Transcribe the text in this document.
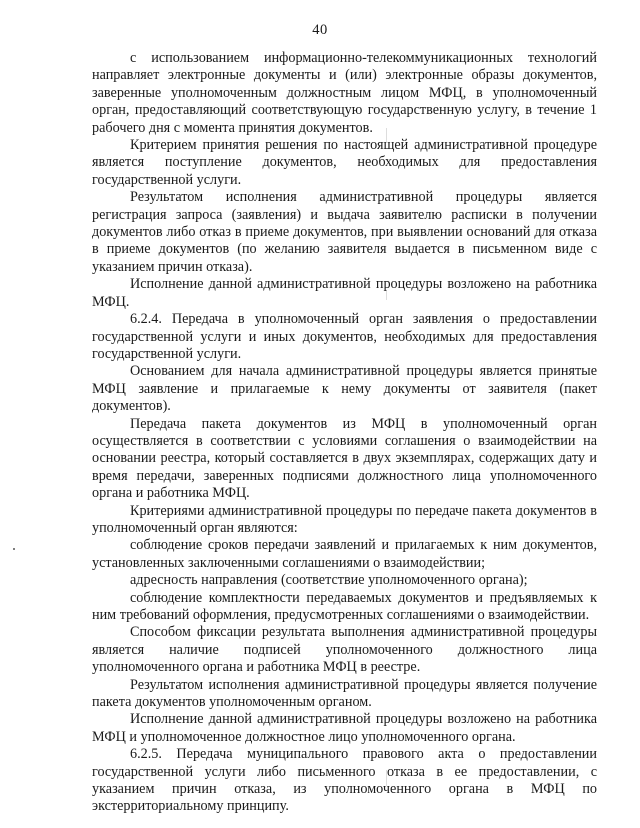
40

с использованием информационно-телекоммуникационных технологий направляет электронные документы и (или) электронные образы документов, заверенные уполномоченным должностным лицом МФЦ, в уполномоченный орган, предоставляющий соответствующую государственную услугу, в течение 1 рабочего дня с момента принятия документов.

Критерием принятия решения по настоящей административной процедуре является поступление документов, необходимых для предоставления государственной услуги.

Результатом исполнения административной процедуры является регистрация запроса (заявления) и выдача заявителю расписки в получении документов либо отказ в приеме документов, при выявлении оснований для отказа в приеме документов (по желанию заявителя выдается в письменном виде с указанием причин отказа).

Исполнение данной административной процедуры возложено на работника МФЦ.

6.2.4. Передача в уполномоченный орган заявления о предоставлении государственной услуги и иных документов, необходимых для предоставления государственной услуги.

Основанием для начала административной процедуры является принятые МФЦ заявление и прилагаемые к нему документы от заявителя (пакет документов).

Передача пакета документов из МФЦ в уполномоченный орган осуществляется в соответствии с условиями соглашения о взаимодействии на основании реестра, который составляется в двух экземплярах, содержащих дату и время передачи, заверенных подписями должностного лица уполномоченного органа и работника МФЦ.

Критериями административной процедуры по передаче пакета документов в уполномоченный орган являются:

соблюдение сроков передачи заявлений и прилагаемых к ним документов, установленных заключенными соглашениями о взаимодействии;

адресность направления (соответствие уполномоченного органа);

соблюдение комплектности передаваемых документов и предъявляемых к ним требований оформления, предусмотренных соглашениями о взаимодействии.

Способом фиксации результата выполнения административной процедуры является наличие подписей уполномоченного должностного лица уполномоченного органа и работника МФЦ в реестре.

Результатом исполнения административной процедуры является получение пакета документов уполномоченным органом.

Исполнение данной административной процедуры возложено на работника МФЦ и уполномоченное должностное лицо уполномоченного органа.

6.2.5. Передача муниципального правового акта о предоставлении государственной услуги либо письменного отказа в ее предоставлении, с указанием причин отказа, из уполномоченного органа в МФЦ по экстерриториальному принципу.
